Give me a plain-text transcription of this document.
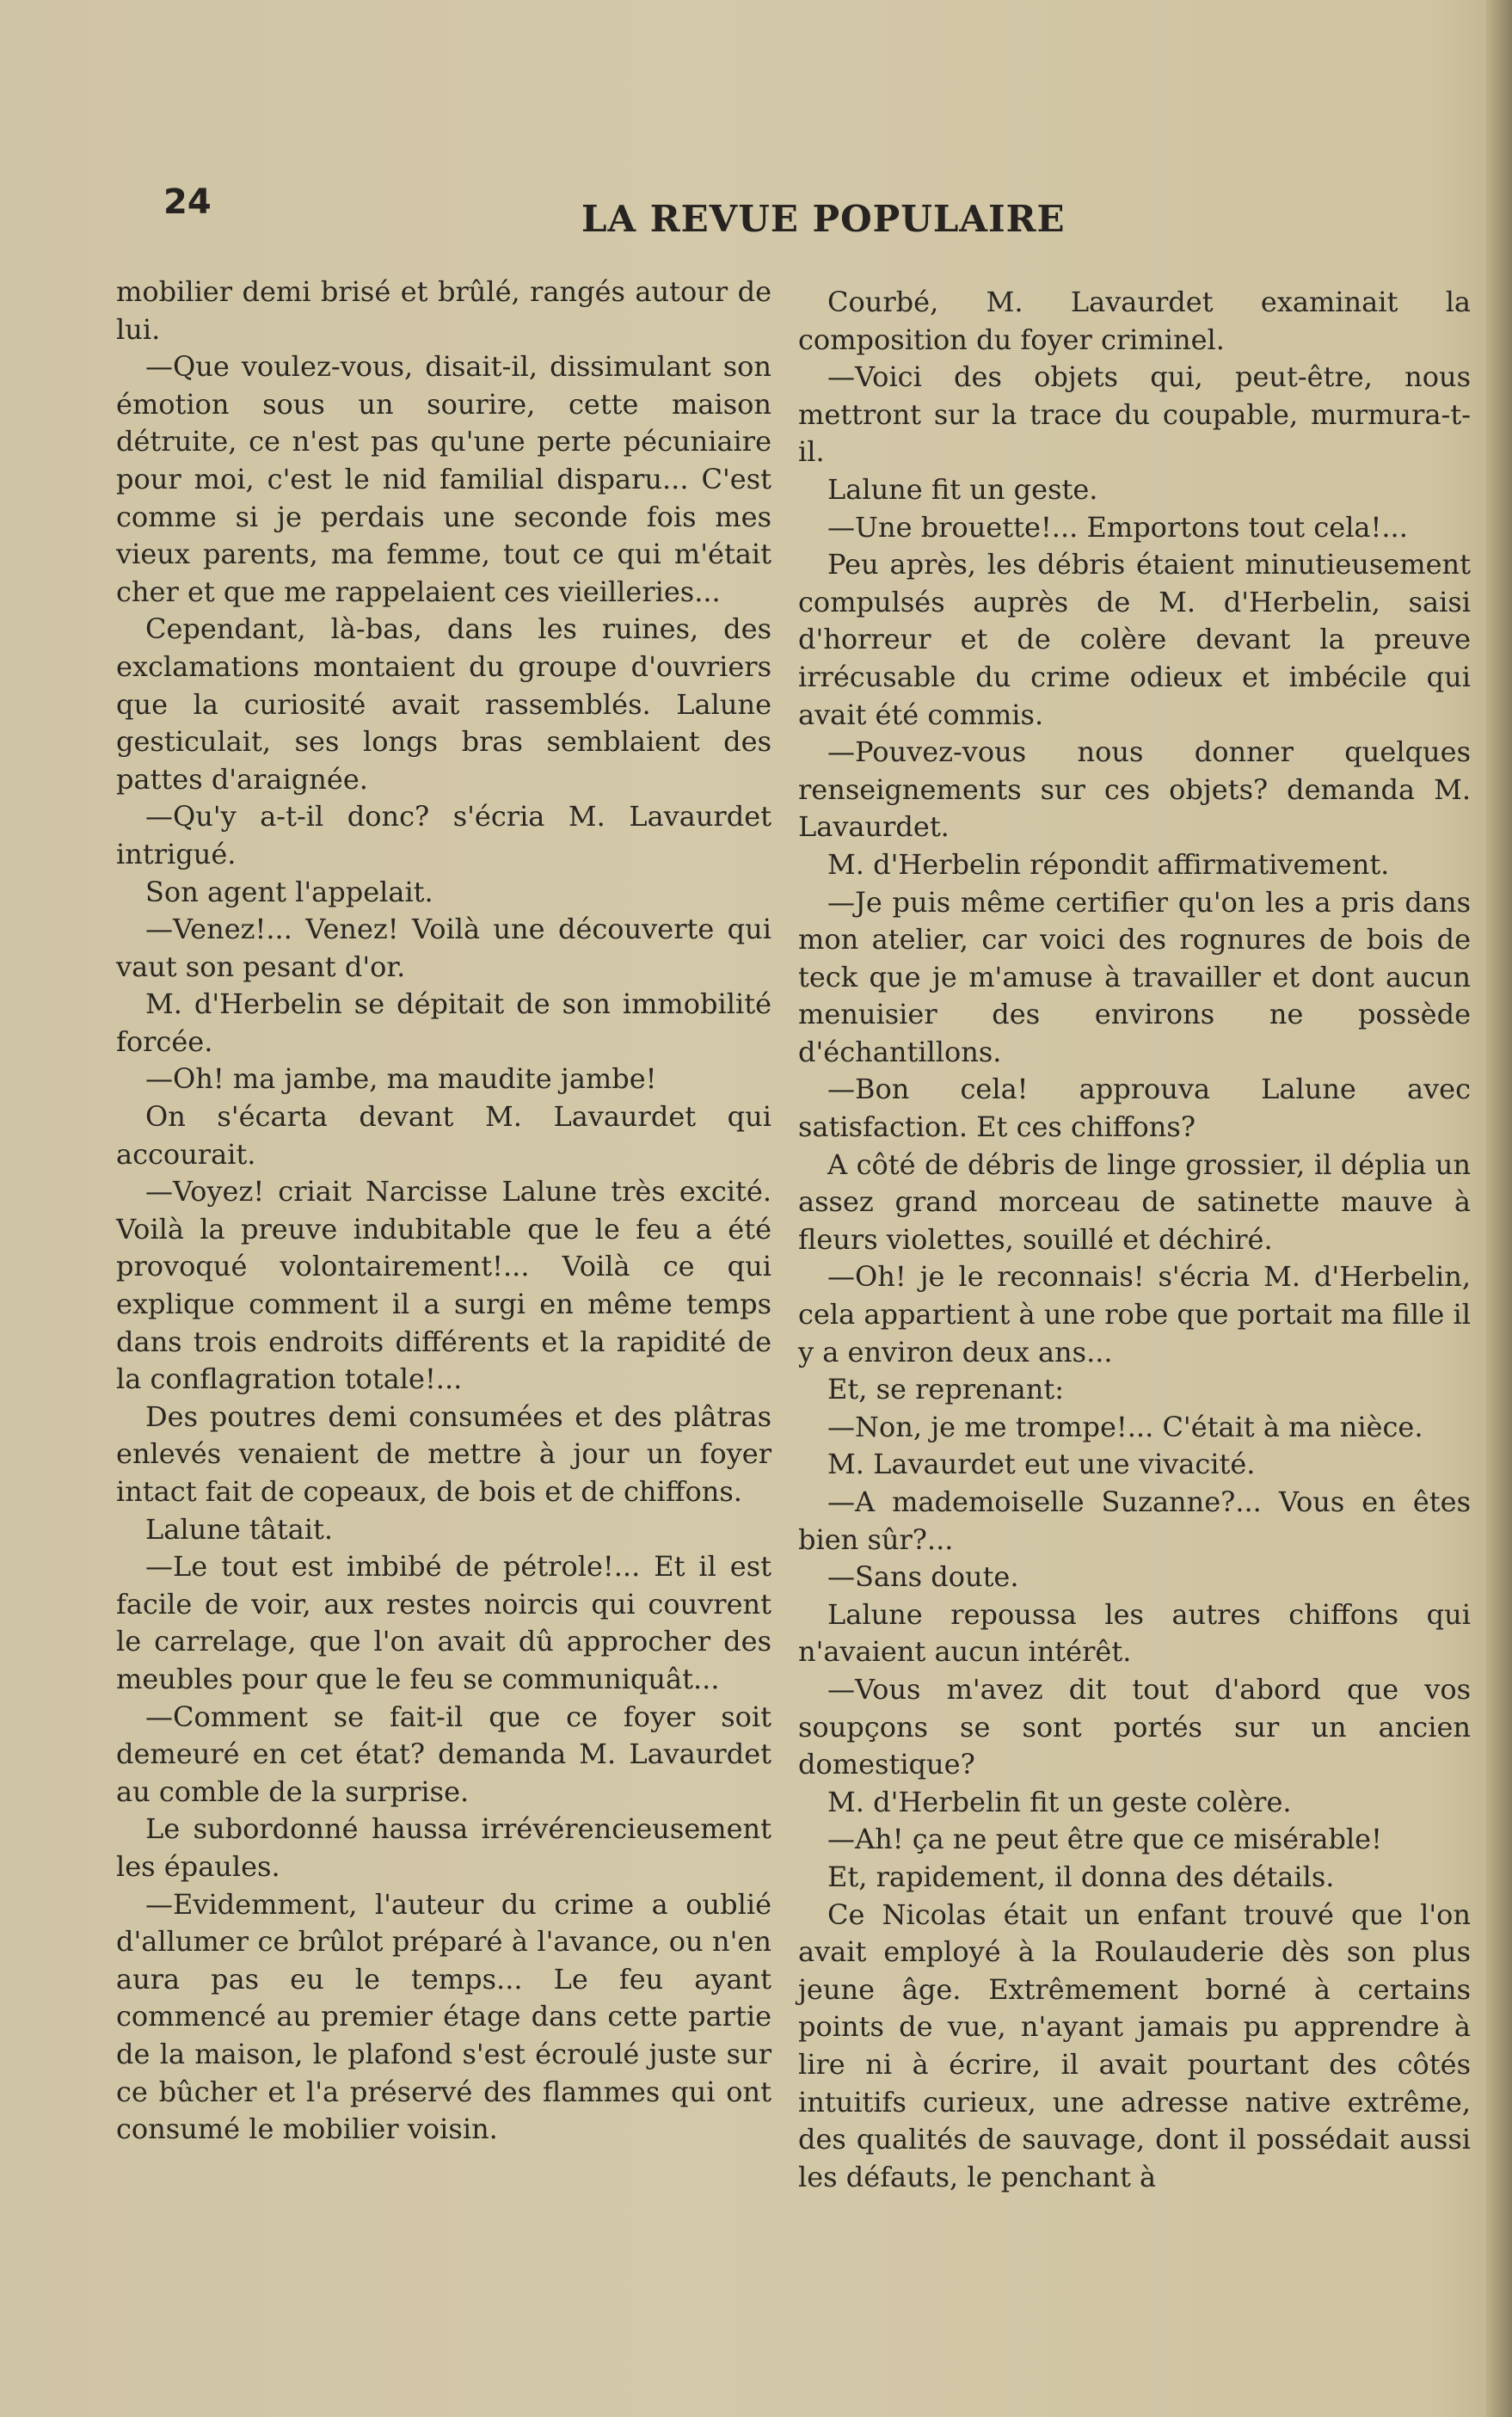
24	LA REVUE POPULAIRE

mobilier demi brisé et brûlé, rangés autour de lui.

—Que voulez-vous, disait-il, dissimulant son émotion sous un sourire, cette maison détruite, ce n'est pas qu'une perte pécuniaire pour moi, c'est le nid familial disparu... C'est comme si je perdais une seconde fois mes vieux parents, ma femme, tout ce qui m'était cher et que me rappelaient ces vieilleries...

Cependant, là-bas, dans les ruines, des exclamations montaient du groupe d'ouvriers que la curiosité avait rassemblés. Lalune gesticulait, ses longs bras semblaient des pattes d'araignée.

—Qu'y a-t-il donc? s'écria M. Lavaurdet intrigué.

Son agent l'appelait.

—Venez!... Venez! Voilà une découverte qui vaut son pesant d'or.

M. d'Herbelin se dépitait de son immobilité forcée.

—Oh! ma jambe, ma maudite jambe!

On s'écarta devant M. Lavaurdet qui accourait.

—Voyez! criait Narcisse Lalune très excité. Voilà la preuve indubitable que le feu a été provoqué volontairement!... Voilà ce qui explique comment il a surgi en même temps dans trois endroits différents et la rapidité de la conflagration totale!...

Des poutres demi consumées et des plâtras enlevés venaient de mettre à jour un foyer intact fait de copeaux, de bois et de chiffons.

Lalune tâtait.

—Le tout est imbibé de pétrole!... Et il est facile de voir, aux restes noircis qui couvrent le carrelage, que l'on avait dû approcher des meubles pour que le feu se communiquât...

—Comment se fait-il que ce foyer soit demeuré en cet état? demanda M. Lavaurdet au comble de la surprise.

Le subordonné haussa irrévérencieusement les épaules.

—Evidemment, l'auteur du crime a oublié d'allumer ce brûlot préparé à l'avance, ou n'en aura pas eu le temps... Le feu ayant commencé au premier étage dans cette partie de la maison, le plafond s'est écroulé juste sur ce bûcher et l'a préservé des flammes qui ont consumé le mobilier voisin.

Courbé, M. Lavaurdet examinait la composition du foyer criminel.

—Voici des objets qui, peut-être, nous mettront sur la trace du coupable, murmura-t-il.

Lalune fit un geste.

—Une brouette!... Emportons tout cela!...

Peu après, les débris étaient minutieusement compulsés auprès de M. d'Herbelin, saisi d'horreur et de colère devant la preuve irrécusable du crime odieux et imbécile qui avait été commis.

—Pouvez-vous nous donner quelques renseignements sur ces objets? demanda M. Lavaurdet.

M. d'Herbelin répondit affirmativement.

—Je puis même certifier qu'on les a pris dans mon atelier, car voici des rognures de bois de teck que je m'amuse à travailler et dont aucun menuisier des environs ne possède d'échantillons.

—Bon cela! approuva Lalune avec satisfaction. Et ces chiffons?

A côté de débris de linge grossier, il déplia un assez grand morceau de satinette mauve à fleurs violettes, souillé et déchiré.

—Oh! je le reconnais! s'écria M. d'Herbelin, cela appartient à une robe que portait ma fille il y a environ deux ans...

Et, se reprenant:

—Non, je me trompe!... C'était à ma nièce.

M. Lavaurdet eut une vivacité.

—A mademoiselle Suzanne?... Vous en êtes bien sûr?...

—Sans doute.

Lalune repoussa les autres chiffons qui n'avaient aucun intérêt.

—Vous m'avez dit tout d'abord que vos soupçons se sont portés sur un ancien domestique?

M. d'Herbelin fit un geste colère.

—Ah! ça ne peut être que ce misérable!

Et, rapidement, il donna des détails.

Ce Nicolas était un enfant trouvé que l'on avait employé à la Roulauderie dès son plus jeune âge. Extrêmement borné à certains points de vue, n'ayant jamais pu apprendre à lire ni à écrire, il avait pourtant des côtés intuitifs curieux, une adresse native extrême, des qualités de sauvage, dont il possédait aussi les défauts, le penchant à
